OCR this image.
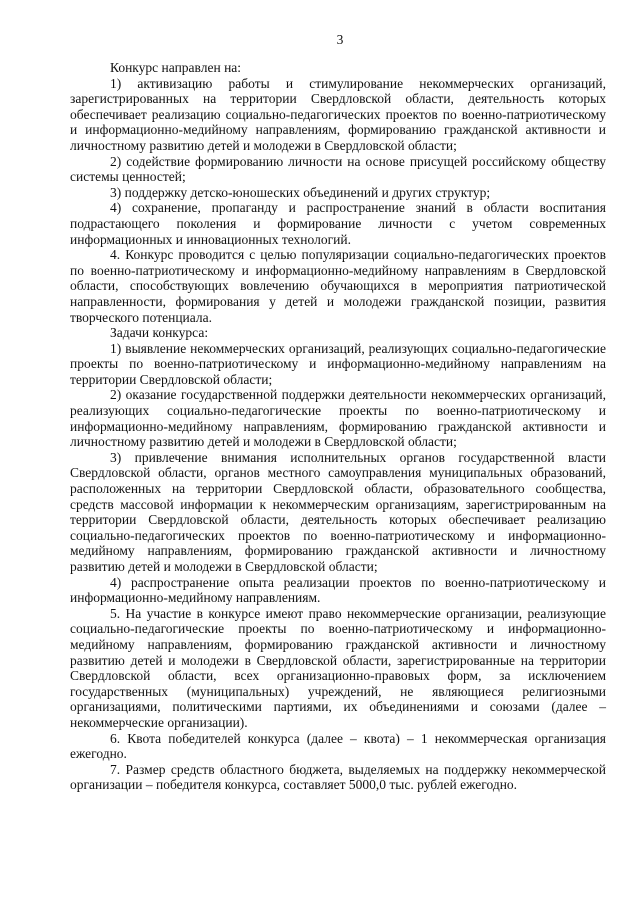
3

Конкурс направлен на:

1) активизацию работы и стимулирование некоммерческих организаций, зарегистрированных на территории Свердловской области, деятельность которых обеспечивает реализацию социально-педагогических проектов по военно-патриотическому и информационно-медийному направлениям, формированию гражданской активности и личностному развитию детей и молодежи в Свердловской области;

2) содействие формированию личности на основе присущей российскому обществу системы ценностей;

3) поддержку детско-юношеских объединений и других структур;

4) сохранение, пропаганду и распространение знаний в области воспитания подрастающего поколения и формирование личности с учетом современных информационных и инновационных технологий.

4. Конкурс проводится с целью популяризации социально-педагогических проектов по военно-патриотическому и информационно-медийному направлениям в Свердловской области, способствующих вовлечению обучающихся в мероприятия патриотической направленности, формирования у детей и молодежи гражданской позиции, развития творческого потенциала.

Задачи конкурса:

1) выявление некоммерческих организаций, реализующих социально-педагогические проекты по военно-патриотическому и информационно-медийному направлениям на территории Свердловской области;

2) оказание государственной поддержки деятельности некоммерческих организаций, реализующих социально-педагогические проекты по военно-патриотическому и информационно-медийному направлениям, формированию гражданской активности и личностному развитию детей и молодежи в Свердловской области;

3) привлечение внимания исполнительных органов государственной власти Свердловской области, органов местного самоуправления муниципальных образований, расположенных на территории Свердловской области, образовательного сообщества, средств массовой информации к некоммерческим организациям, зарегистрированным на территории Свердловской области, деятельность которых обеспечивает реализацию социально-педагогических проектов по военно-патриотическому и информационно-медийному направлениям, формированию гражданской активности и личностному развитию детей и молодежи в Свердловской области;

4) распространение опыта реализации проектов по военно-патриотическому и информационно-медийному направлениям.

5. На участие в конкурсе имеют право некоммерческие организации, реализующие социально-педагогические проекты по военно-патриотическому и информационно-медийному направлениям, формированию гражданской активности и личностному развитию детей и молодежи в Свердловской области, зарегистрированные на территории Свердловской области, всех организационно-правовых форм, за исключением государственных (муниципальных) учреждений, не являющиеся религиозными организациями, политическими партиями, их объединениями и союзами (далее – некоммерческие организации).

6. Квота победителей конкурса (далее – квота) – 1 некоммерческая организация ежегодно.

7. Размер средств областного бюджета, выделяемых на поддержку некоммерческой организации – победителя конкурса, составляет 5000,0 тыс. рублей ежегодно.
